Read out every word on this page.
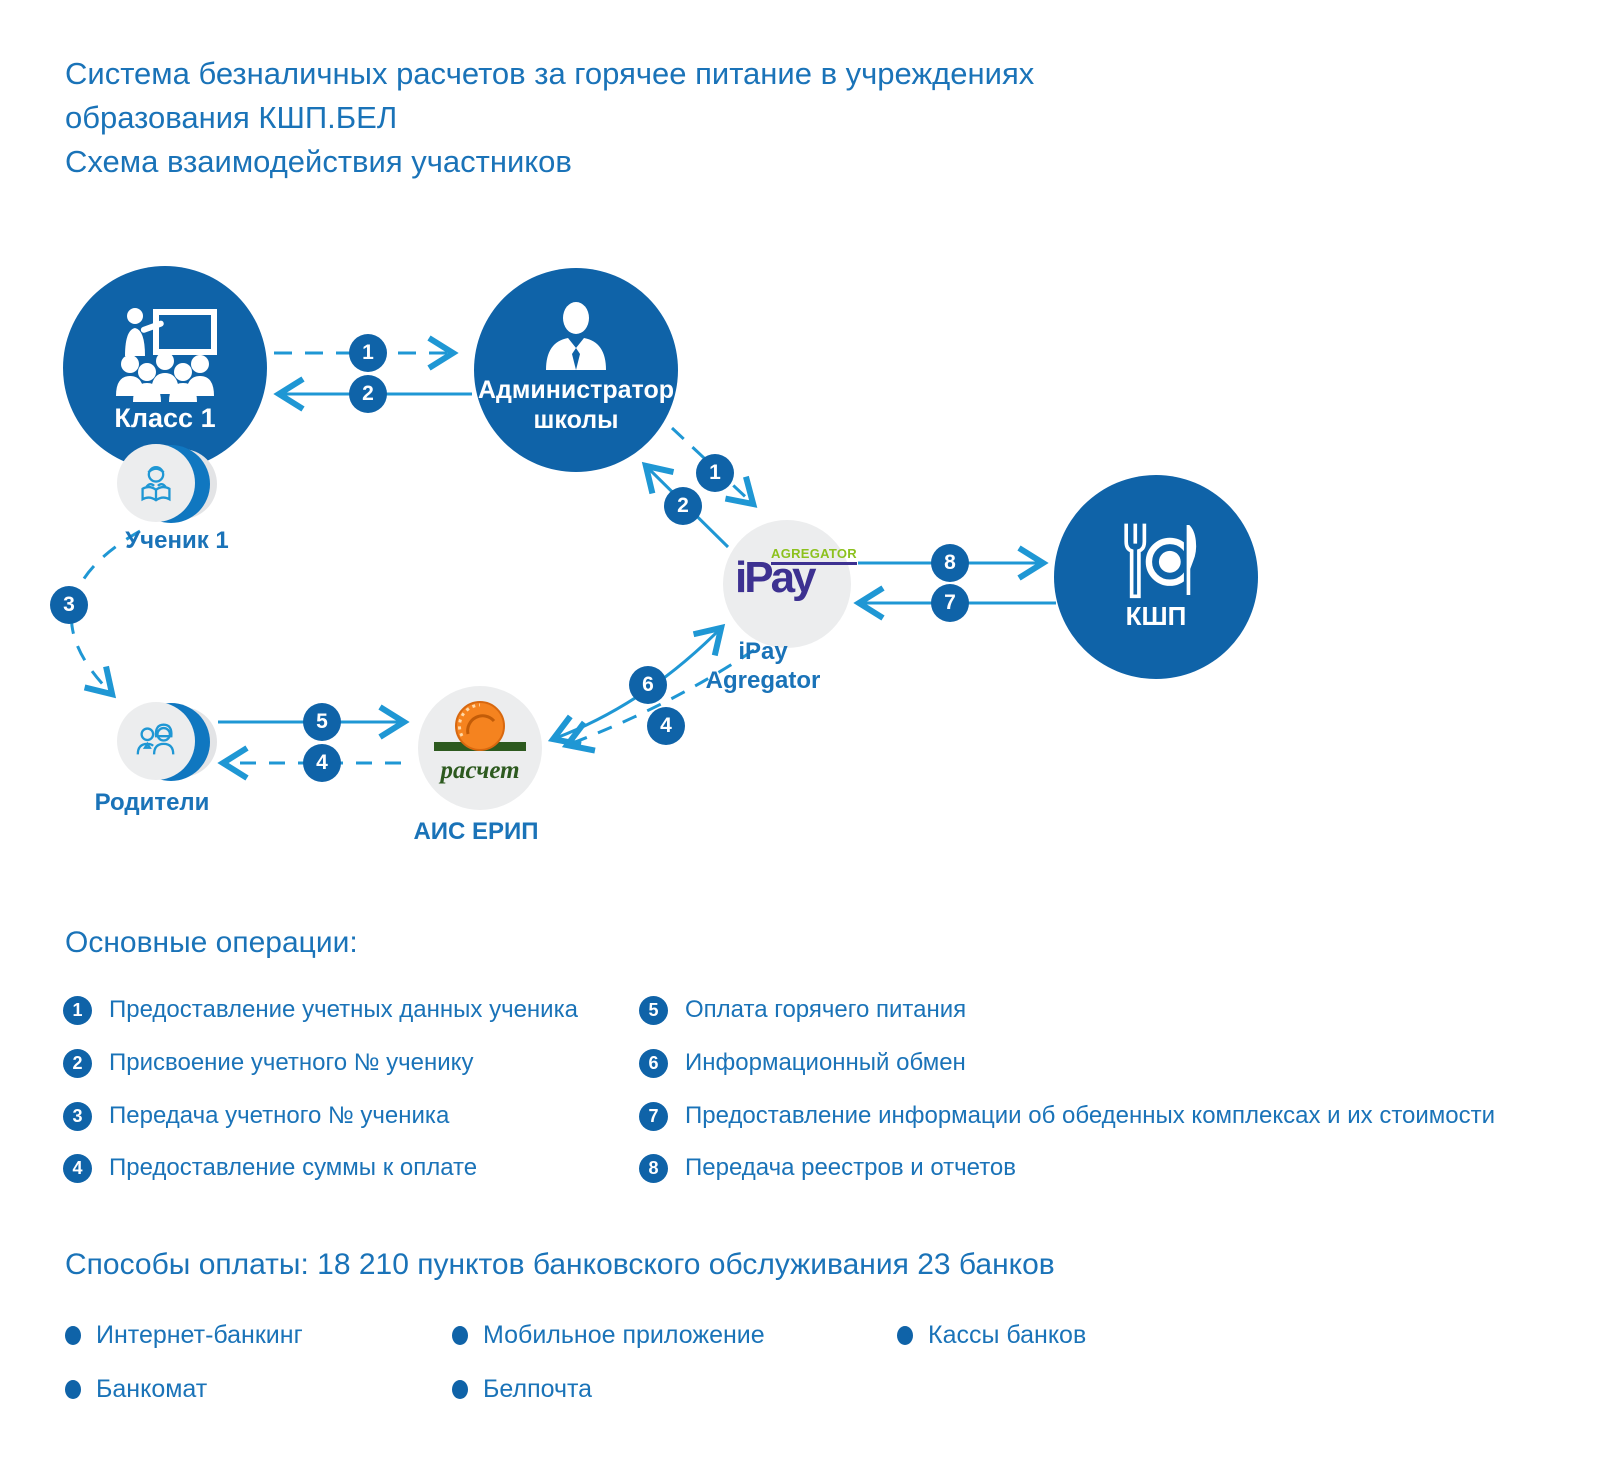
Система безналичных расчетов за горячее питание в учреждениях
образования КШП.БЕЛ
Схема взаимодействия участников
Класс 1
Администратор
школы
КШП
AGREGATOR
iPay
iPay
Agregator
расчет
АИС ЕРИП
Ученик 1
Родители
1
2
1
2
3
5
4
6
4
8
7
Основные операции:
1	Предоставление учетных данных ученика
2	Присвоение учетного № ученику
3	Передача учетного № ученика
4	Предоставление суммы к оплате
5	Оплата горячего питания
6	Информационный обмен
7	Предоставление информации об обеденных комплексах и их стоимости
8	Передача реестров и отчетов
Способы оплаты: 18 210 пунктов банковского обслуживания 23 банков
Интернет-банкинг
Банкомат
Мобильное приложение
Белпочта
Кассы банков
